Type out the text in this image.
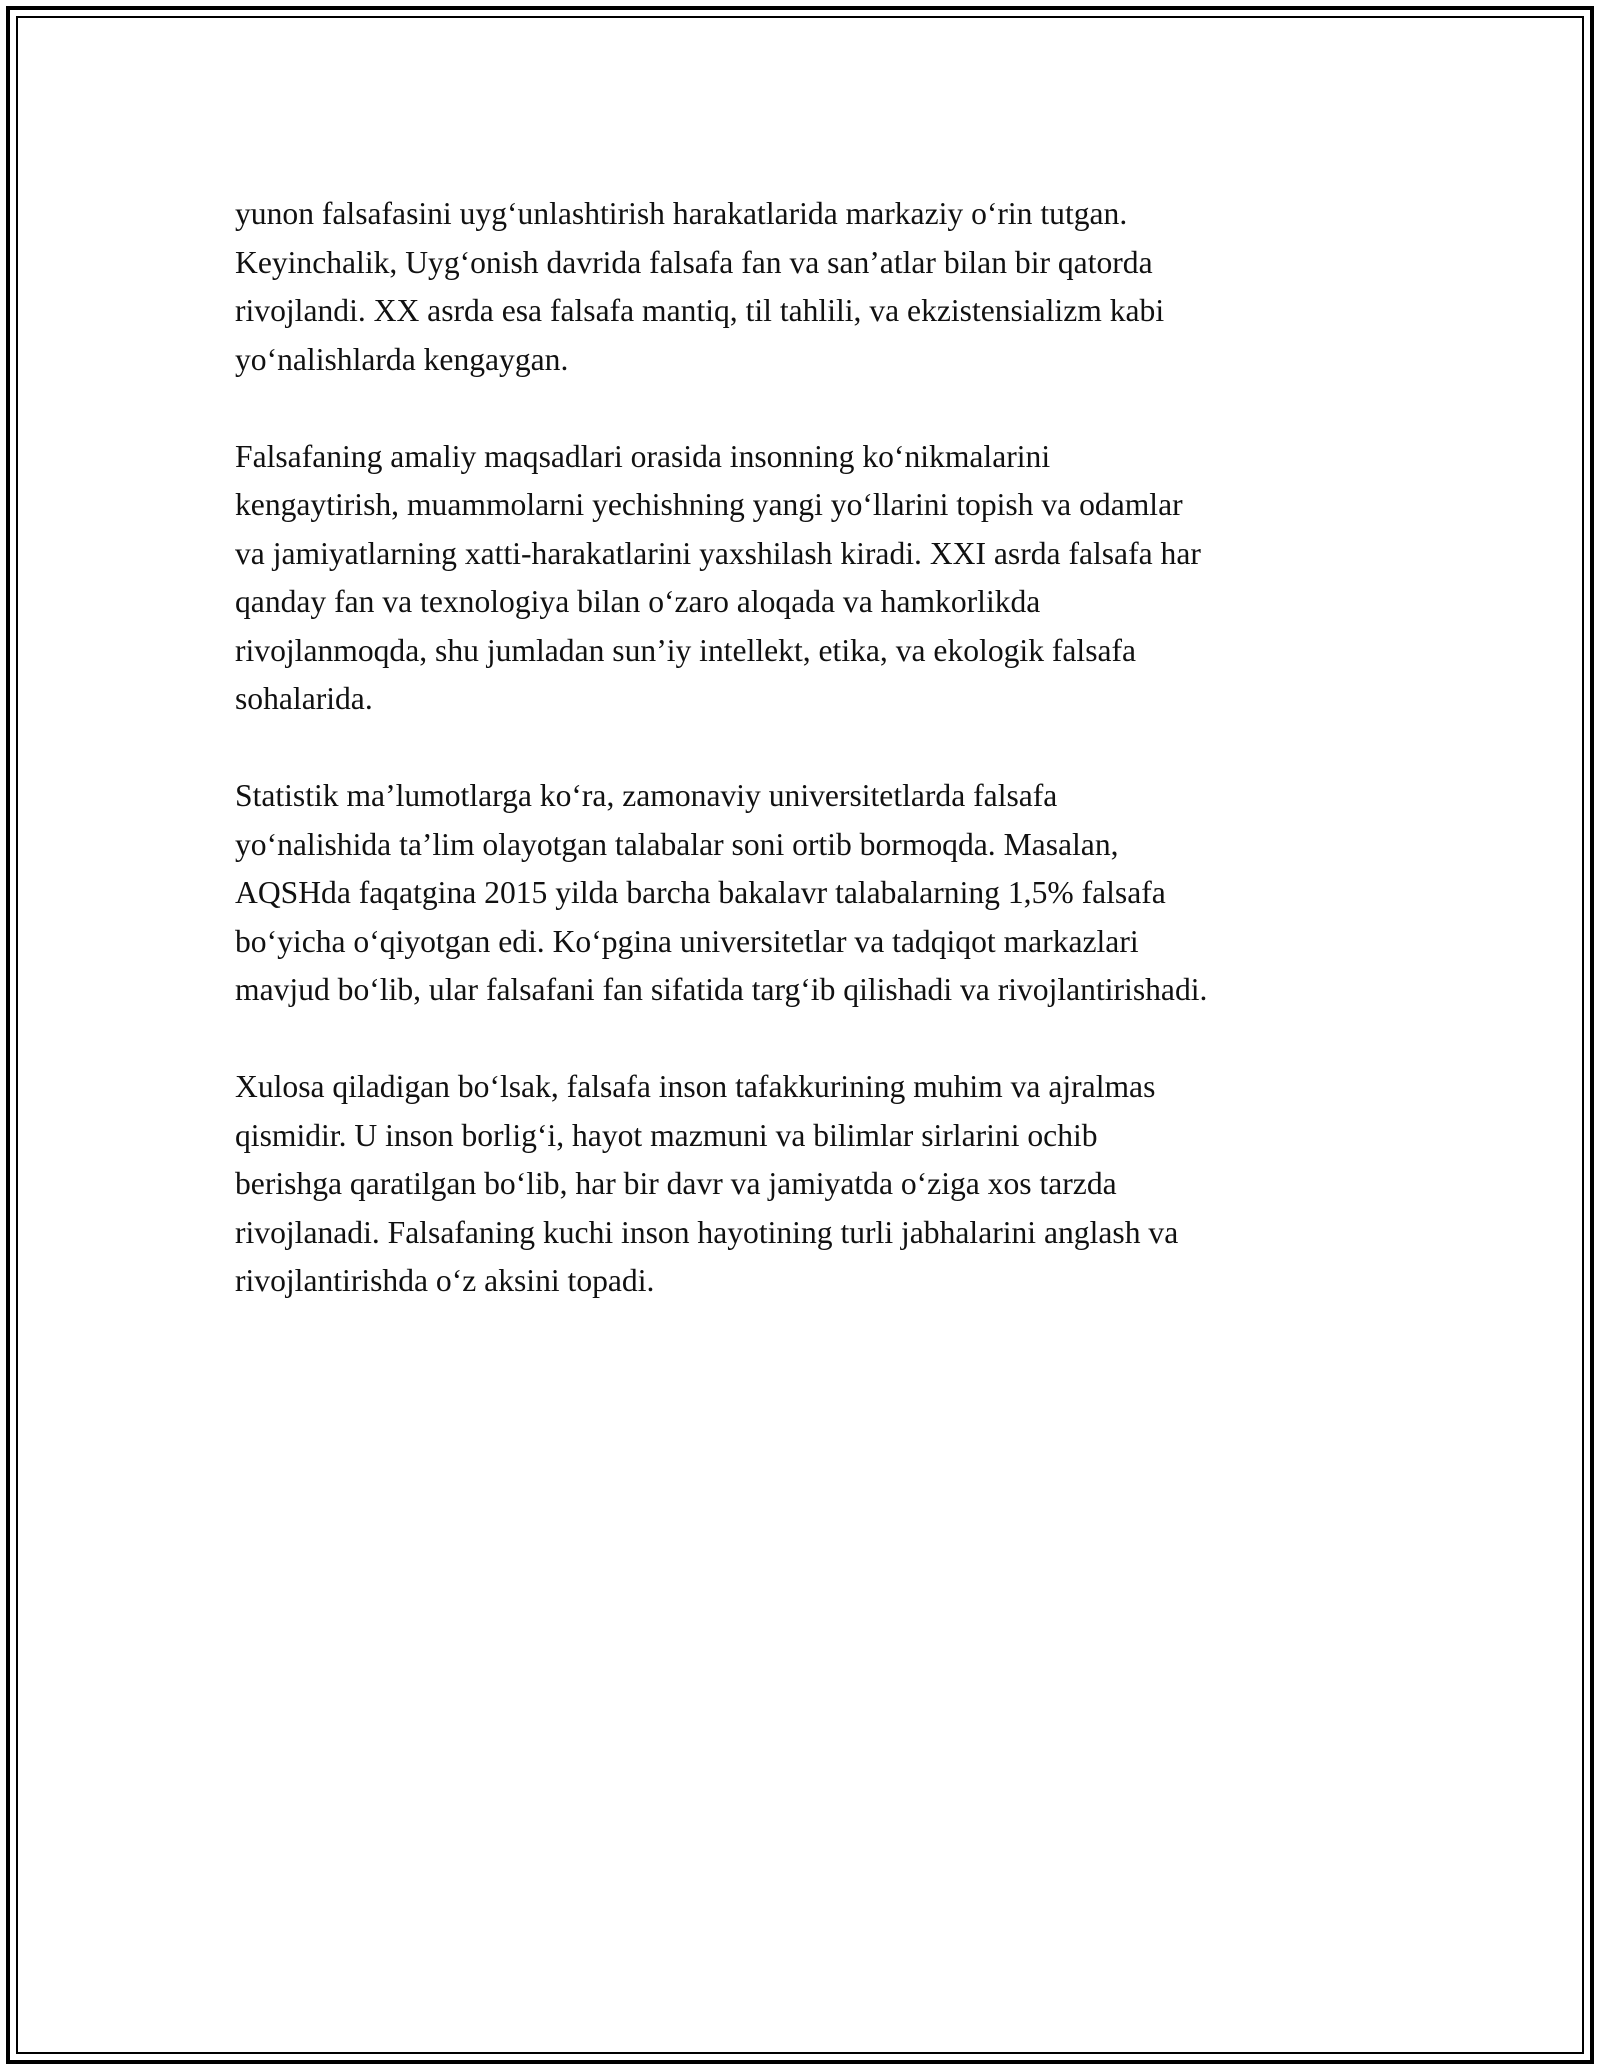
yunon falsafasini uyg‘unlashtirish harakatlarida markaziy o‘rin tutgan.
Keyinchalik, Uyg‘onish davrida falsafa fan va san’atlar bilan bir qatorda
rivojlandi. XX asrda esa falsafa mantiq, til tahlili, va ekzistensializm kabi
yo‘nalishlarda kengaygan.

Falsafaning amaliy maqsadlari orasida insonning ko‘nikmalarini
kengaytirish, muammolarni yechishning yangi yo‘llarini topish va odamlar
va jamiyatlarning xatti-harakatlarini yaxshilash kiradi. XXI asrda falsafa har
qanday fan va texnologiya bilan o‘zaro aloqada va hamkorlikda
rivojlanmoqda, shu jumladan sun’iy intellekt, etika, va ekologik falsafa
sohalarida.

Statistik ma’lumotlarga ko‘ra, zamonaviy universitetlarda falsafa
yo‘nalishida ta’lim olayotgan talabalar soni ortib bormoqda. Masalan,
AQSHda faqatgina 2015 yilda barcha bakalavr talabalarning 1,5% falsafa
bo‘yicha o‘qiyotgan edi. Ko‘pgina universitetlar va tadqiqot markazlari
mavjud bo‘lib, ular falsafani fan sifatida targ‘ib qilishadi va rivojlantirishadi.

Xulosa qiladigan bo‘lsak, falsafa inson tafakkurining muhim va ajralmas
qismidir. U inson borlig‘i, hayot mazmuni va bilimlar sirlarini ochib
berishga qaratilgan bo‘lib, har bir davr va jamiyatda o‘ziga xos tarzda
rivojlanadi. Falsafaning kuchi inson hayotining turli jabhalarini anglash va
rivojlantirishda o‘z aksini topadi.
